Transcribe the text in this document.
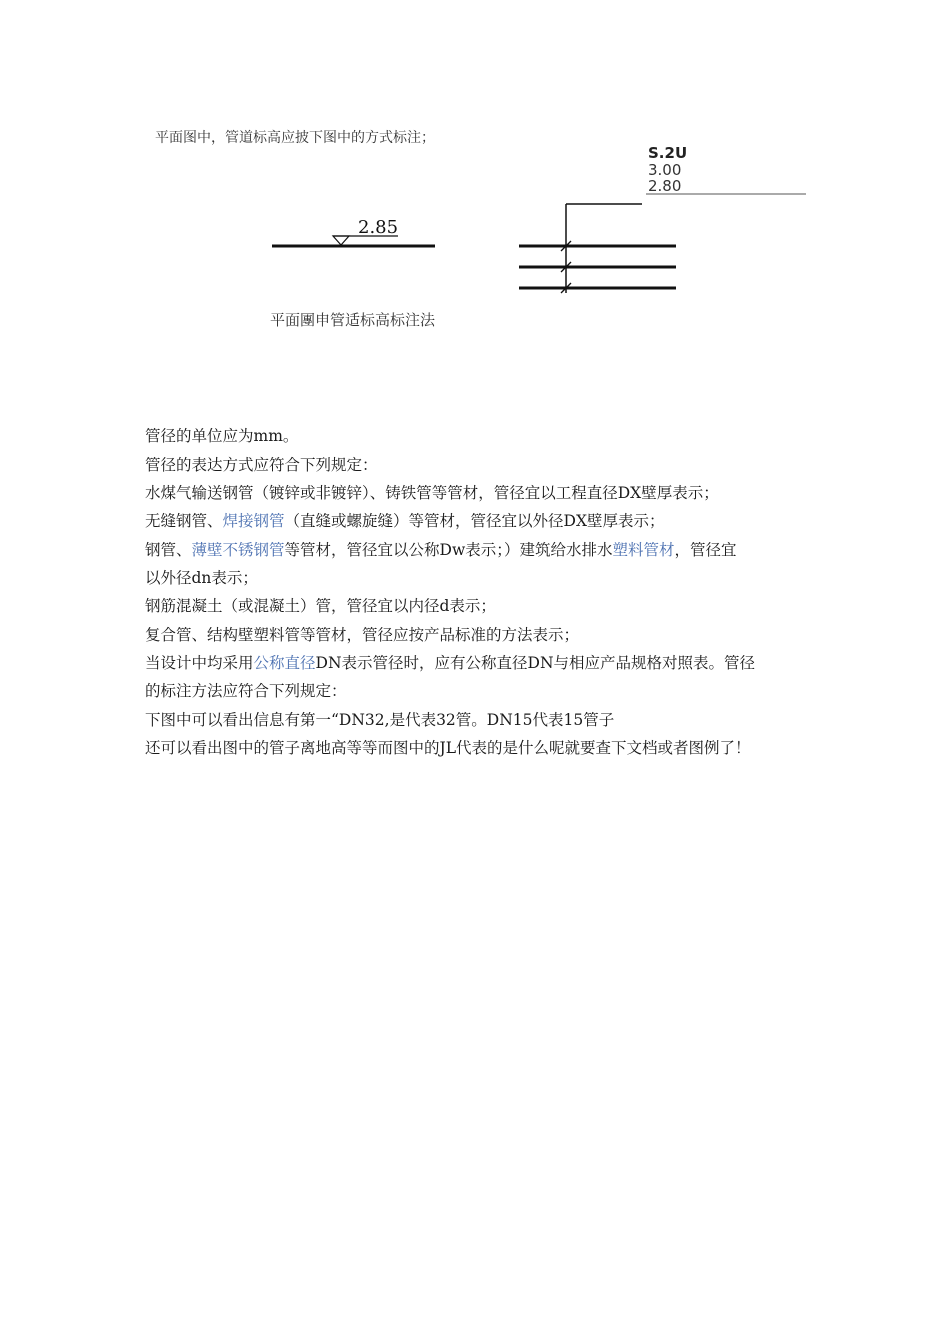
平面图中，管道标高应披下图中的方式标注；
2.85
S.2U
3.00
2.80
平面團申管适标高标注法
管径的单位应为mm。
管径的表达方式应符合下列规定：
水煤气输送钢管（镀锌或非镀锌）、铸铁管等管材，管径宜以工程直径DX壁厚表示；
无缝钢管、焊接钢管（直缝或螺旋缝）等管材，管径宜以外径DX壁厚表示；
钢管、薄壁不锈钢管等管材，管径宜以公称Dw表示；）建筑给水排水塑料管材，管径宜
以外径dn表示；
钢筋混凝土（或混凝土）管，管径宜以内径d表示；
复合管、结构壁塑料管等管材，管径应按产品标准的方法表示；
当设计中均采用公称直径DN表示管径时，应有公称直径DN与相应产品规格对照表。管径
的标注方法应符合下列规定：
下图中可以看出信息有第一“DN32,是代表32管。DN15代表15管子
还可以看出图中的管子离地高等等而图中的JL代表的是什么呢就要查下文档或者图例了！
